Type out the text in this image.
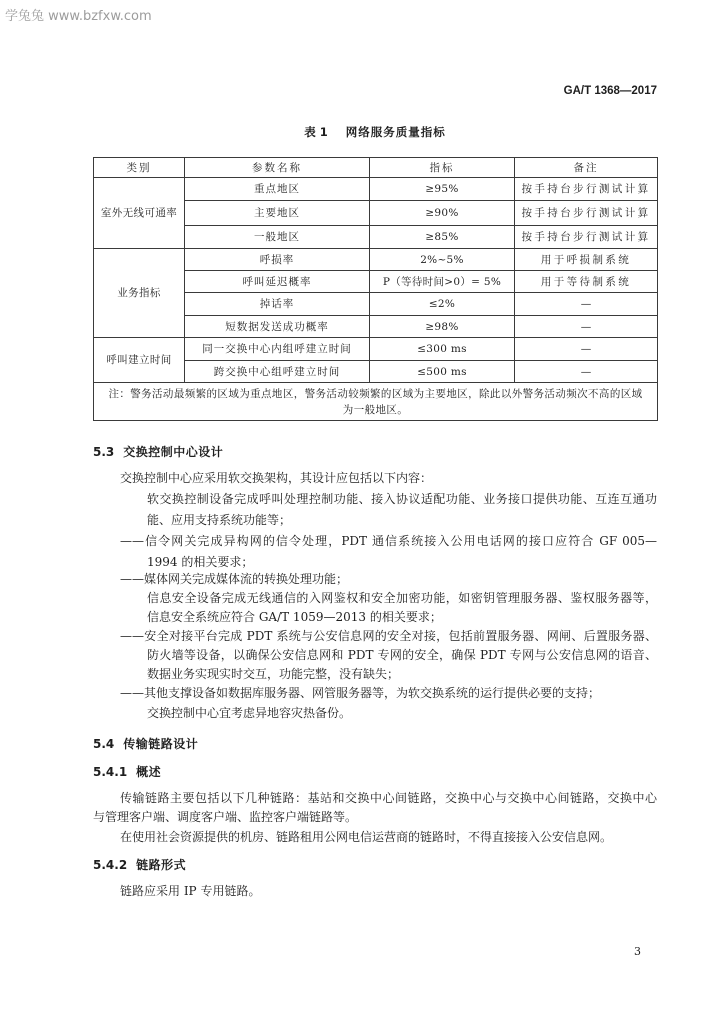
学兔兔 www.bzfxw.com
GA/T 1368—2017
表 1 网络服务质量指标
类别	参数名称	指标	备注
室外无线可通率	重点地区	≥95%	按手持台步行测试计算
	主要地区	≥90%	按手持台步行测试计算
	一般地区	≥85%	按手持台步行测试计算
业务指标	呼损率	2%~5%	用于呼损制系统
	呼叫延迟概率	P（等待时间>0）= 5%	用于等待制系统
	掉话率	≤2%	—
	短数据发送成功概率	≥98%	—
呼叫建立时间	同一交换中心内组呼建立时间	≤300 ms	—
	跨交换中心组呼建立时间	≤500 ms	—

注：警务活动最频繁的区域为重点地区，警务活动较频繁的区域为主要地区，除此以外警务活动频次不高的区域
为一般地区。			
5.3 交换控制中心设计
交换控制中心应采用软交换架构，其设计应包括以下内容：
软交换控制设备完成呼叫处理控制功能、接入协议适配功能、业务接口提供功能、互连互通功
能、应用支持系统功能等；
——信令网关完成异构网的信令处理，PDT 通信系统接入公用电话网的接口应符合 GF 005—
1994 的相关要求；
——媒体网关完成媒体流的转换处理功能；
信息安全设备完成无线通信的入网鉴权和安全加密功能，如密钥管理服务器、鉴权服务器等，
信息安全系统应符合 GA/T 1059—2013 的相关要求；
——安全对接平台完成 PDT 系统与公安信息网的安全对接，包括前置服务器、网闸、后置服务器、
防火墙等设备，以确保公安信息网和 PDT 专网的安全，确保 PDT 专网与公安信息网的语音、
数据业务实现实时交互，功能完整，没有缺失；
——其他支撑设备如数据库服务器、网管服务器等，为软交换系统的运行提供必要的支持；
交换控制中心宜考虑异地容灾热备份。
5.4 传输链路设计
5.4.1 概述
传输链路主要包括以下几种链路：基站和交换中心间链路，交换中心与交换中心间链路，交换中心
与管理客户端、调度客户端、监控客户端链路等。
在使用社会资源提供的机房、链路租用公网电信运营商的链路时，不得直接接入公安信息网。
5.4.2 链路形式
链路应采用 IP 专用链路。
3
